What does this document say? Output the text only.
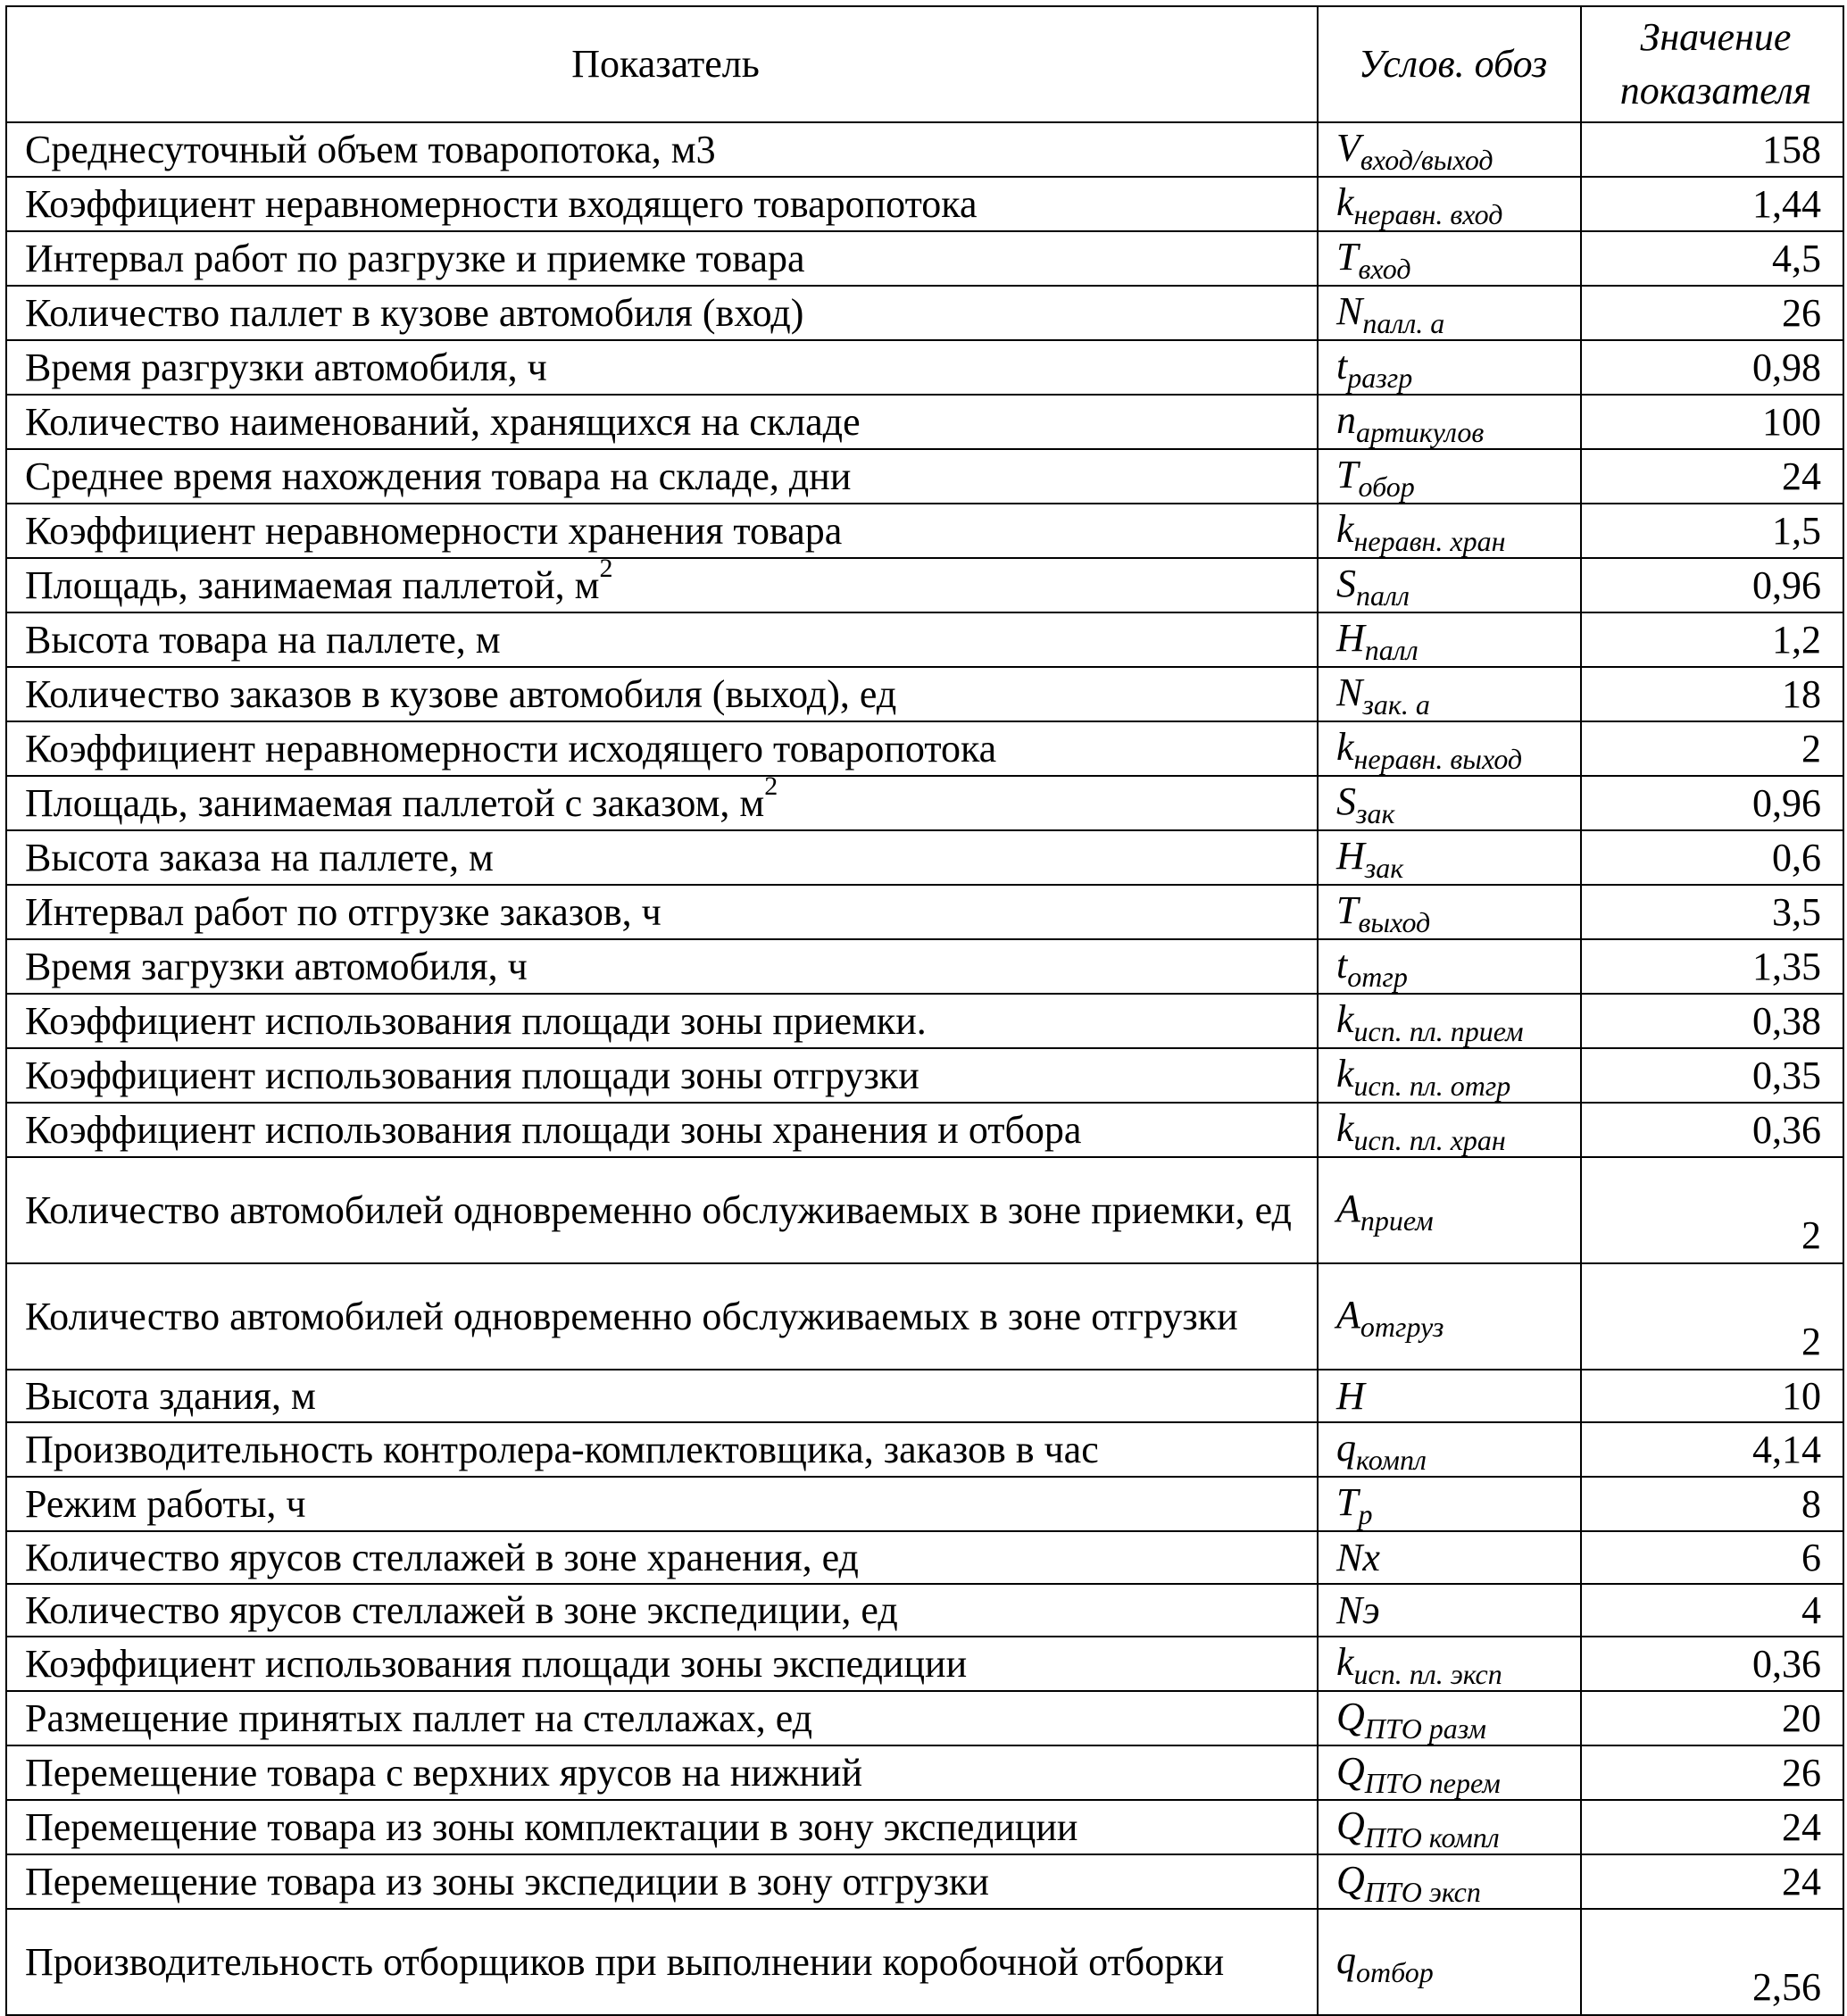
Показатель	Услов. обоз	Значение показателя
Среднесуточный объем товаропотока, м3	$V_{вход/выход}$	158
Коэффициент неравномерности входящего товаропотока	$k_{неравн. вход}$	1,44
Интервал работ по разгрузке и приемке товара	$T_{вход}$	4,5
Количество паллет в кузове автомобиля (вход)	$N_{палл. а}$	26
Время разгрузки автомобиля, ч	$t_{разгр}$	0,98
Количество наименований, хранящихся на складе	$n_{артикулов}$	100
Среднее время нахождения товара на складе, дни	$T_{обор}$	24
Коэффициент неравномерности хранения товара	$k_{неравн. хран}$	1,5
Площадь, занимаемая паллетой, $м^2$	$S_{палл}$	0,96
Высота товара на паллете, м	$H_{палл}$	1,2
Количество заказов в кузове автомобиля (выход), ед	$N_{зак. а}$	18
Коэффициент неравномерности исходящего товаропотока	$k_{неравн. выход}$	2
Площадь, занимаемая паллетой с заказом, $м^2$	$S_{зак}$	0,96
Высота заказа на паллете, м	$H_{зак}$	0,6
Интервал работ по отгрузке заказов, ч	$T_{выход}$	3,5
Время загрузки автомобиля, ч	$t_{отгр}$	1,35
Коэффициент использования площади зоны приемки.	$k_{исп. пл. прием}$	0,38
Коэффициент использования площади зоны отгрузки	$k_{исп. пл. отгр}$	0,35
Коэффициент использования площади зоны хранения и отбора	$k_{исп. пл. хран}$	0,36
Количество автомобилей одновременно обслуживаемых в зоне приемки, ед	$A_{прием}$	2
Количество автомобилей одновременно обслуживаемых в зоне отгрузки	$A_{отгруз}$	2
Высота здания, м	H	10
Производительность контролера-комплектовщика, заказов в час	$q_{компл}$	4,14
Режим работы, ч	$T_р$	8
Количество ярусов стеллажей в зоне хранения, ед	Nх	6
Количество ярусов стеллажей в зоне экспедиции, ед	Nэ	4
Коэффициент использования площади зоны экспедиции	$k_{исп. пл. эксп}$	0,36
Размещение принятых паллет на стеллажах, ед	$Q_{ПТО разм}$	20
Перемещение товара с верхних ярусов на нижний	$Q_{ПТО перем}$	26
Перемещение товара из зоны комплектации в зону экспедиции	$Q_{ПТО компл}$	24
Перемещение товара из зоны экспедиции в зону отгрузки	$Q_{ПТО эксп}$	24
Производительность отборщиков при выполнении коробочной отборки	$q_{отбор}$	2,56
